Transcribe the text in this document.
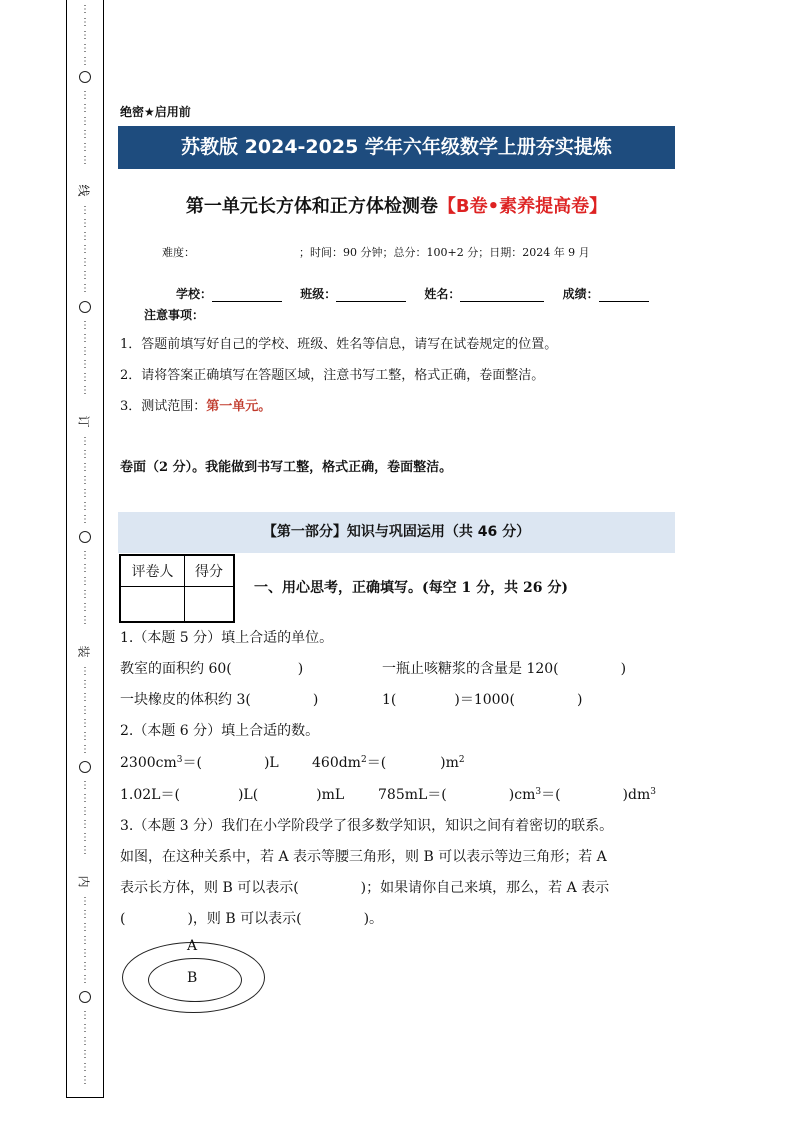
⋮
⋮
⋮
⋮
⋮
⋮
⋮
⋮
⋮
⋮
⋮
线
⋮
⋮
⋮
⋮
⋮
⋮
⋮
⋮
⋮
⋮
⋮
⋮
⋮
订
⋮
⋮
⋮
⋮
⋮
⋮
⋮
⋮
⋮
⋮
⋮
⋮
⋮
装
⋮
⋮
⋮
⋮
⋮
⋮
⋮
⋮
⋮
⋮
⋮
⋮
⋮
内
⋮
⋮
⋮
⋮
⋮
⋮
⋮
⋮
⋮
⋮
⋮
⋮
⋮
绝密★启用前
苏教版 2024-2025 学年六年级数学上册夯实提炼
第一单元长方体和正方体检测卷【B卷•素养提高卷】
难度：	；时间：90 分钟；总分：100+2 分；日期：2024 年 9 月
学校：	班级：	姓名：	成绩：
注意事项：
1．答题前填写好自己的学校、班级、姓名等信息，请写在试卷规定的位置。
2．请将答案正确填写在答题区域，注意书写工整，格式正确，卷面整洁。
3．测试范围：第一单元。
卷面（2 分）。我能做到书写工整，格式正确，卷面整洁。
【第一部分】知识与巩固运用（共 46 分）
评卷人	得分

一、用心思考，正确填写。(每空 1 分，共 26 分)
1.（本题 5 分）填上合适的单位。
教室的面积约 60(	)	一瓶止咳糖浆的含量是 120(	)
一块橡皮的体积约 3(	)	1(	)＝1000(	)
2.（本题 6 分）填上合适的数。
$2300cm^3=$(	)L $460dm^2=$(	)$m^2$
1.02L＝(	)L(	)mL 785mL＝(	)$cm^3=$(	)$dm^3$
3.（本题 3 分）我们在小学阶段学了很多数学知识，知识之间有着密切的联系。
如图，在这种关系中，若 A 表示等腰三角形，则 B 可以表示等边三角形；若 A
表示长方体，则 B 可以表示(	)；如果请你自己来填，那么，若 A 表示
(	)，则 B 可以表示(	)。
A
B
